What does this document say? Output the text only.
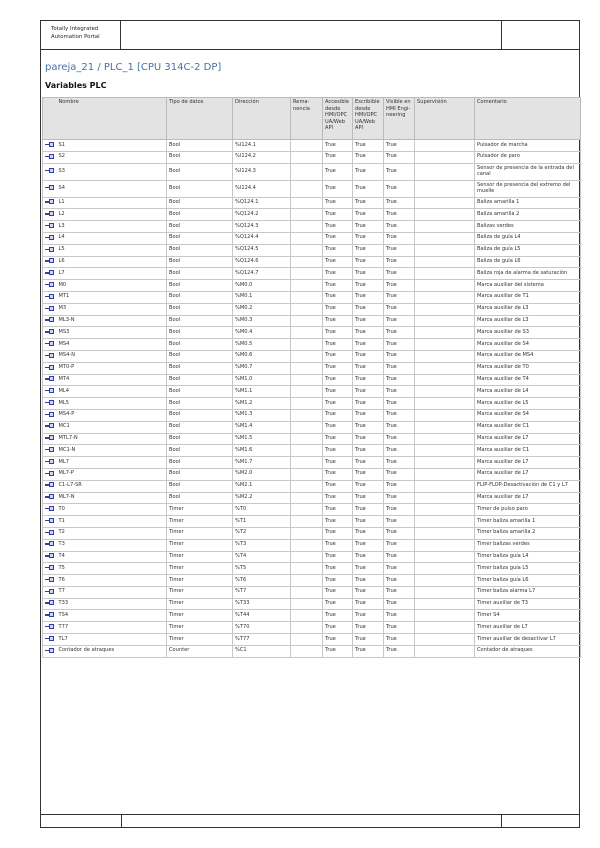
Totally Integrated
Automation Portal
pareja_21 / PLC_1 [CPU 314C-2 DP]
Variables PLC
	Nombre	Tipo de datos	Dirección	Rema-nencia	Accesible desde HMI/OPC UA/Web API	Escribible desde HMI/OPC UA/Web API	Visible en HMI Engi-neering	Supervisión	Comentario

	S1	Bool	%I124.1		True	True	True		Pulsador de marcha

	S2	Bool	%I124.2		True	True	True		Pulsador de paro

	S3	Bool	%I124.3		True	True	True		Sensor de presencia de la entrada del canal

	S4	Bool	%I124.4		True	True	True		Sensor de presencia del extremo del muelle

	L1	Bool	%Q124.1		True	True	True		Baliza amarilla 1

	L2	Bool	%Q124.2		True	True	True		Baliza amarilla 2

	L3	Bool	%Q124.3		True	True	True		Balizas verdes

	L4	Bool	%Q124.4		True	True	True		Baliza de guía L4

	L5	Bool	%Q124.5		True	True	True		Baliza de guía L5

	L6	Bool	%Q124.6		True	True	True		Baliza de guía L6

	L7	Bool	%Q124.7		True	True	True		Baliza roja de alarma de saturación

	M0	Bool	%M0.0		True	True	True		Marca auxiliar del sistema

	MT1	Bool	%M0.1		True	True	True		Marca auxiliar de T1

	M3	Bool	%M0.2		True	True	True		Marca auxiliar de L3

	ML3-N	Bool	%M0.3		True	True	True		Marca auxiliar de L3

	MS3	Bool	%M0.4		True	True	True		Marca auxiliar de S3

	MS4	Bool	%M0.5		True	True	True		Marca auxiliar de S4

	MS4-N	Bool	%M0.6		True	True	True		Marca auxiliar de MS4

	MT0-P	Bool	%M0.7		True	True	True		Marca auxiliar de T0

	MT4	Bool	%M1.0		True	True	True		Marca auxiliar de T4

	ML4	Bool	%M1.1		True	True	True		Marca auxiliar de L4

	ML5	Bool	%M1.2		True	True	True		Marca auxiliar de L5

	MS4-P	Bool	%M1.3		True	True	True		Marca auxiliar de S4

	MC1	Bool	%M1.4		True	True	True		Marca auxiliar de C1

	MTL7-N	Bool	%M1.5		True	True	True		Marca auxiliar de L7

	MC1-N	Bool	%M1.6		True	True	True		Marca auxiliar de C1

	ML7	Bool	%M1.7		True	True	True		Marca auxiliar de L7

	ML7-P	Bool	%M2.0		True	True	True		Marca auxiliar de L7

	C1-L7-SR	Bool	%M2.1		True	True	True		FLIP-FLOP-Desactivación de C1 y L7

	ML7-N	Bool	%M2.2		True	True	True		Marca auxiliar de L7

	T0	Timer	%T0		True	True	True		Timer de pulso paro

	T1	Timer	%T1		True	True	True		Timer baliza amarilla 1

	T2	Timer	%T2		True	True	True		Timer baliza amarilla 2

	T3	Timer	%T3		True	True	True		Timer balizas verdes

	T4	Timer	%T4		True	True	True		Timer baliza guía L4

	T5	Timer	%T5		True	True	True		Timer baliza guía L5

	T6	Timer	%T6		True	True	True		Timer baliza guía L6

	T7	Timer	%T7		True	True	True		Timer baliza alarma L7

	T33	Timer	%T33		True	True	True		Timer auxiliar de T3

	TS4	Timer	%T44		True	True	True		Timer S4

	T77	Timer	%T70		True	True	True		Timer auxiliar de L7

	TL7	Timer	%T77		True	True	True		Timer auxiliar de desactivar L7

	Contador de atraques	Counter	%C1		True	True	True		Contador de atraques
